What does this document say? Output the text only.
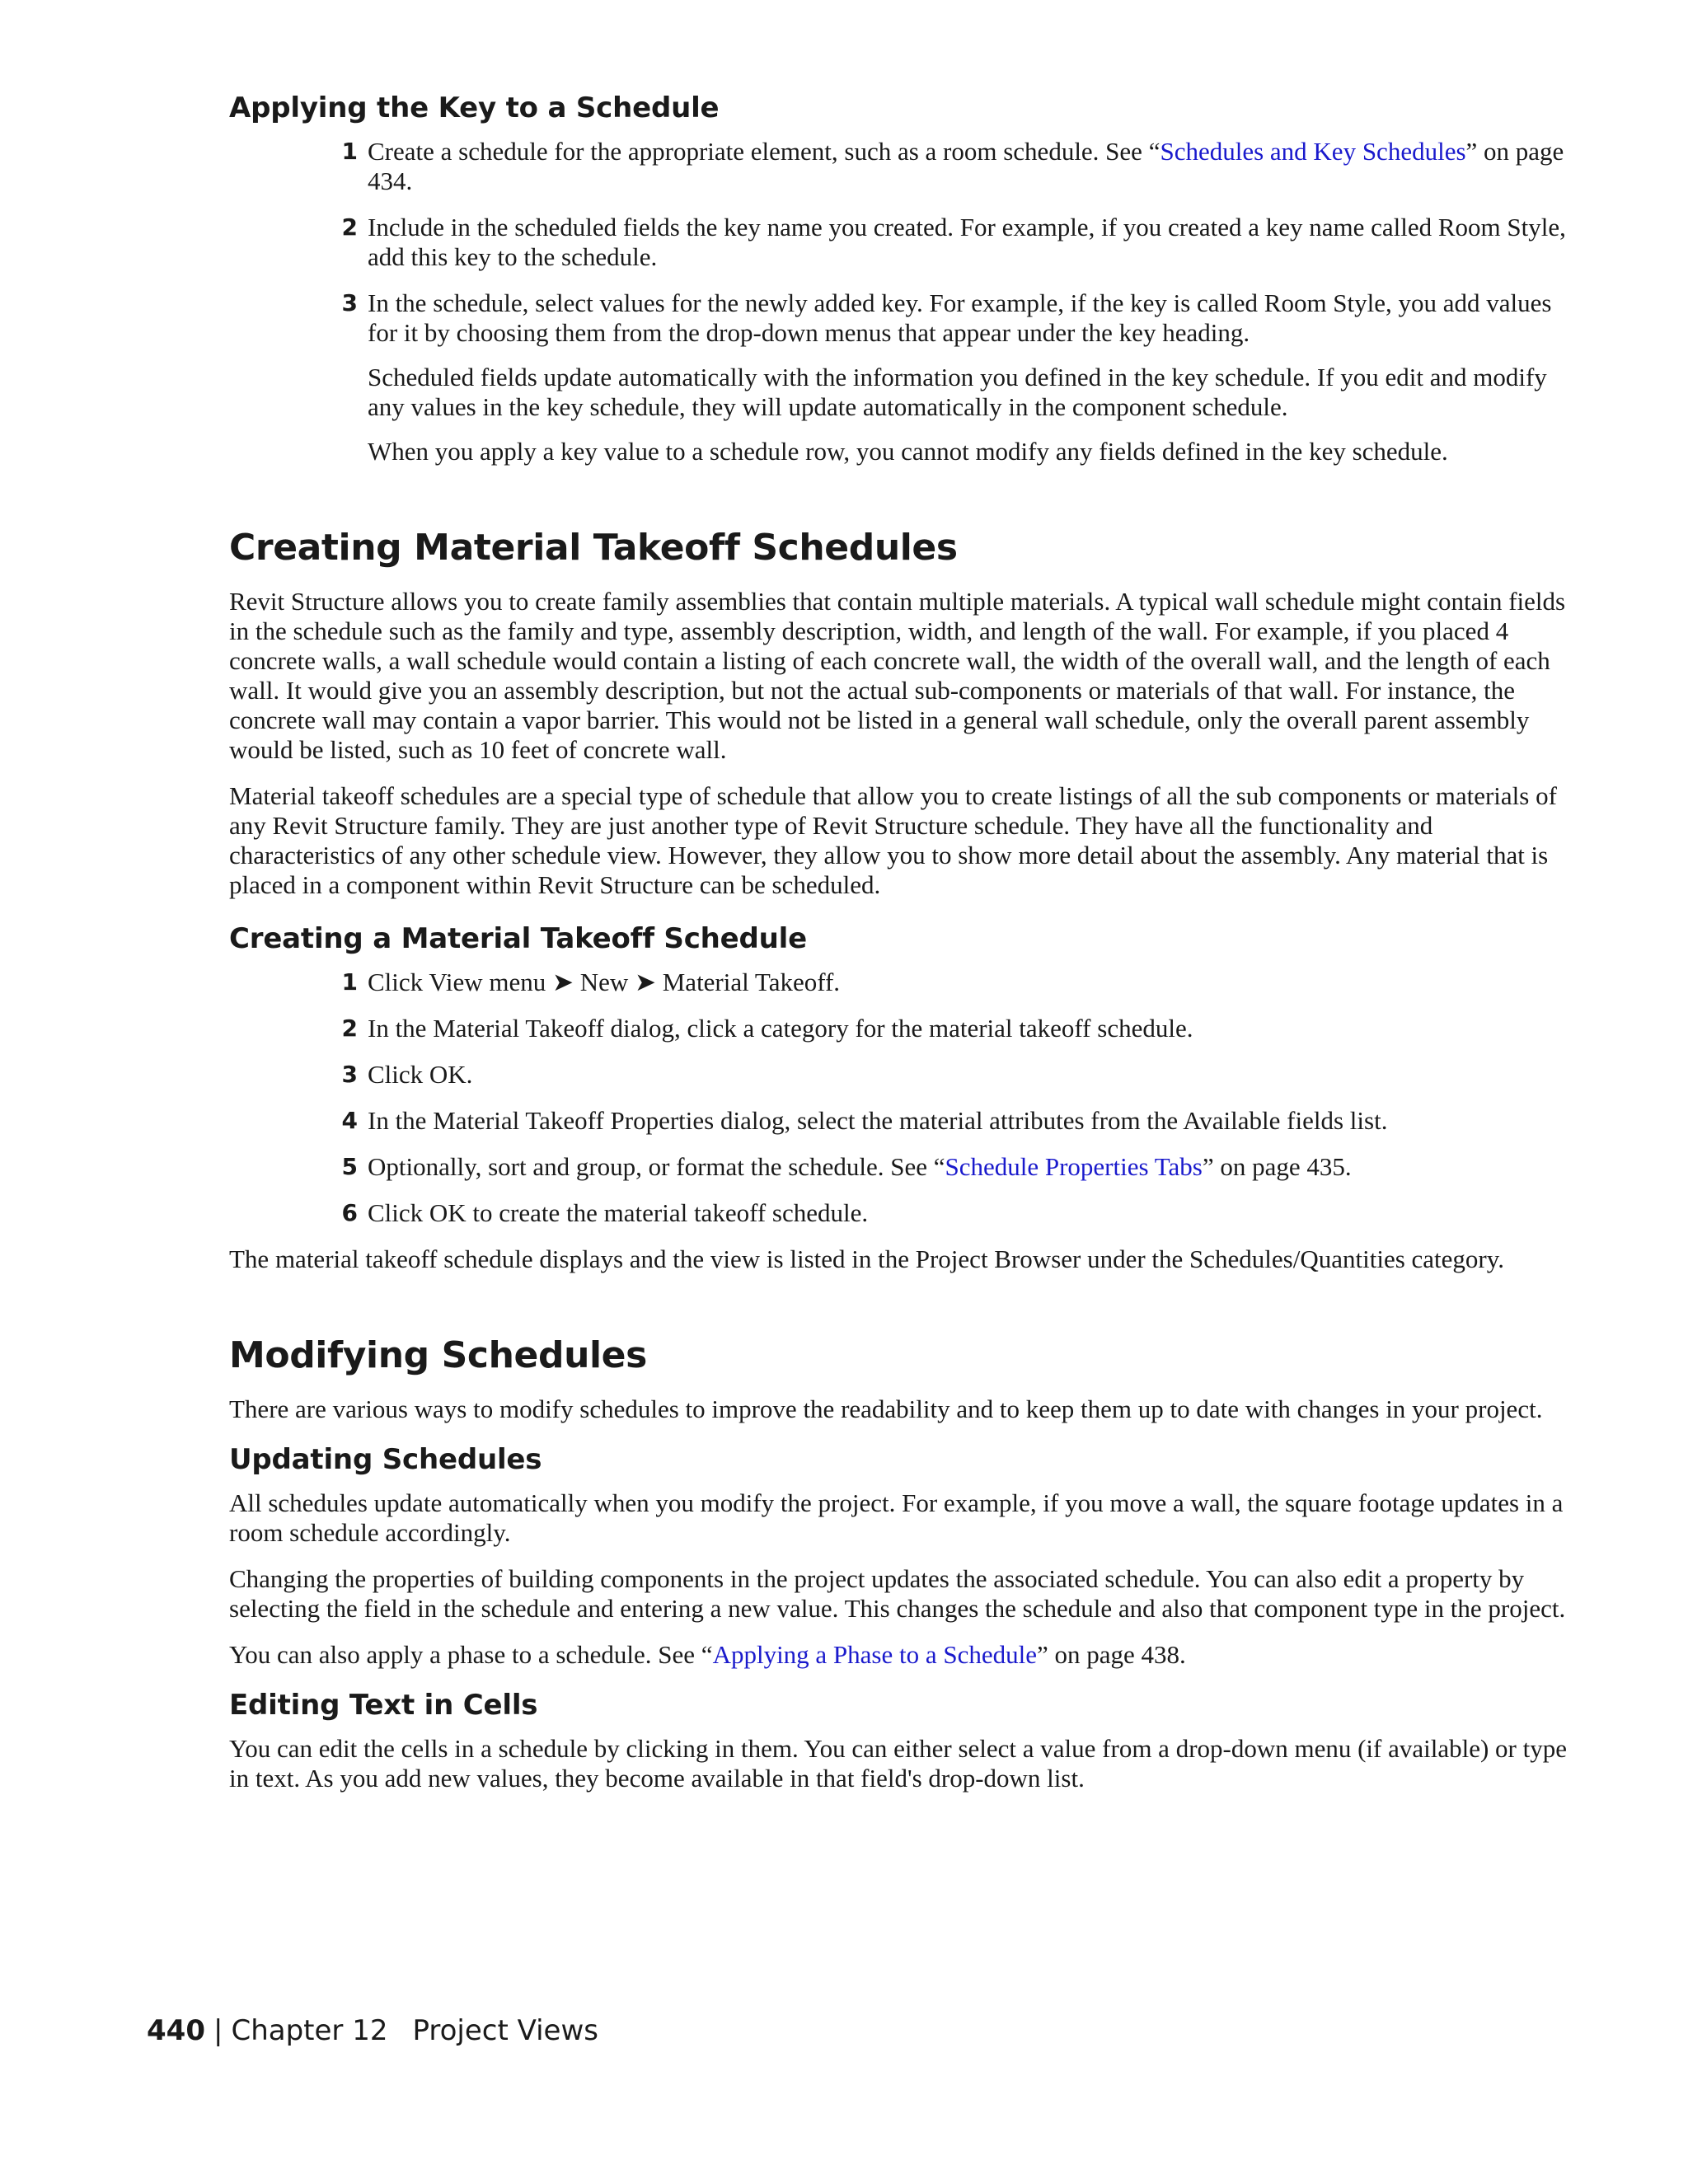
Applying the Key to a Schedule
1 Create a schedule for the appropriate element, such as a room schedule. See “Schedules and Key Schedules” on page 434.
2 Include in the scheduled fields the key name you created. For example, if you created a key name called Room Style, add this key to the schedule.
3 In the schedule, select values for the newly added key. For example, if the key is called Room Style, you add values for it by choosing them from the drop-down menus that appear under the key heading.
Scheduled fields update automatically with the information you defined in the key schedule. If you edit and modify any values in the key schedule, they will update automatically in the component schedule.
When you apply a key value to a schedule row, you cannot modify any fields defined in the key schedule.
Creating Material Takeoff Schedules

Revit Structure allows you to create family assemblies that contain multiple materials. A typical wall schedule might contain fields in the schedule such as the family and type, assembly description, width, and length of the wall. For example, if you placed 4 concrete walls, a wall schedule would contain a listing of each concrete wall, the width of the overall wall, and the length of each wall. It would give you an assembly description, but not the actual sub-components or materials of that wall. For instance, the concrete wall may contain a vapor barrier. This would not be listed in a general wall schedule, only the overall parent assembly would be listed, such as 10 feet of concrete wall.

Material takeoff schedules are a special type of schedule that allow you to create listings of all the sub components or materials of any Revit Structure family. They are just another type of Revit Structure schedule. They have all the functionality and characteristics of any other schedule view. However, they allow you to show more detail about the assembly. Any material that is placed in a component within Revit Structure can be scheduled.

Creating a Material Takeoff Schedule
1 Click View menu ➤ New ➤ Material Takeoff.
2 In the Material Takeoff dialog, click a category for the material takeoff schedule.
3 Click OK.
4 In the Material Takeoff Properties dialog, select the material attributes from the Available fields list.
5 Optionally, sort and group, or format the schedule. See “Schedule Properties Tabs” on page 435.
6 Click OK to create the material takeoff schedule.

The material takeoff schedule displays and the view is listed in the Project Browser under the Schedules/Quantities category.

Modifying Schedules

There are various ways to modify schedules to improve the readability and to keep them up to date with changes in your project.

Updating Schedules

All schedules update automatically when you modify the project. For example, if you move a wall, the square footage updates in a room schedule accordingly.

Changing the properties of building components in the project updates the associated schedule. You can also edit a property by selecting the field in the schedule and entering a new value. This changes the schedule and also that component type in the project.

You can also apply a phase to a schedule. See “Applying a Phase to a Schedule” on page 438.

Editing Text in Cells

You can edit the cells in a schedule by clicking in them. You can either select a value from a drop-down menu (if available) or type in text. As you add new values, they become available in that field's drop-down list.

440 | Chapter 12 Project Views
